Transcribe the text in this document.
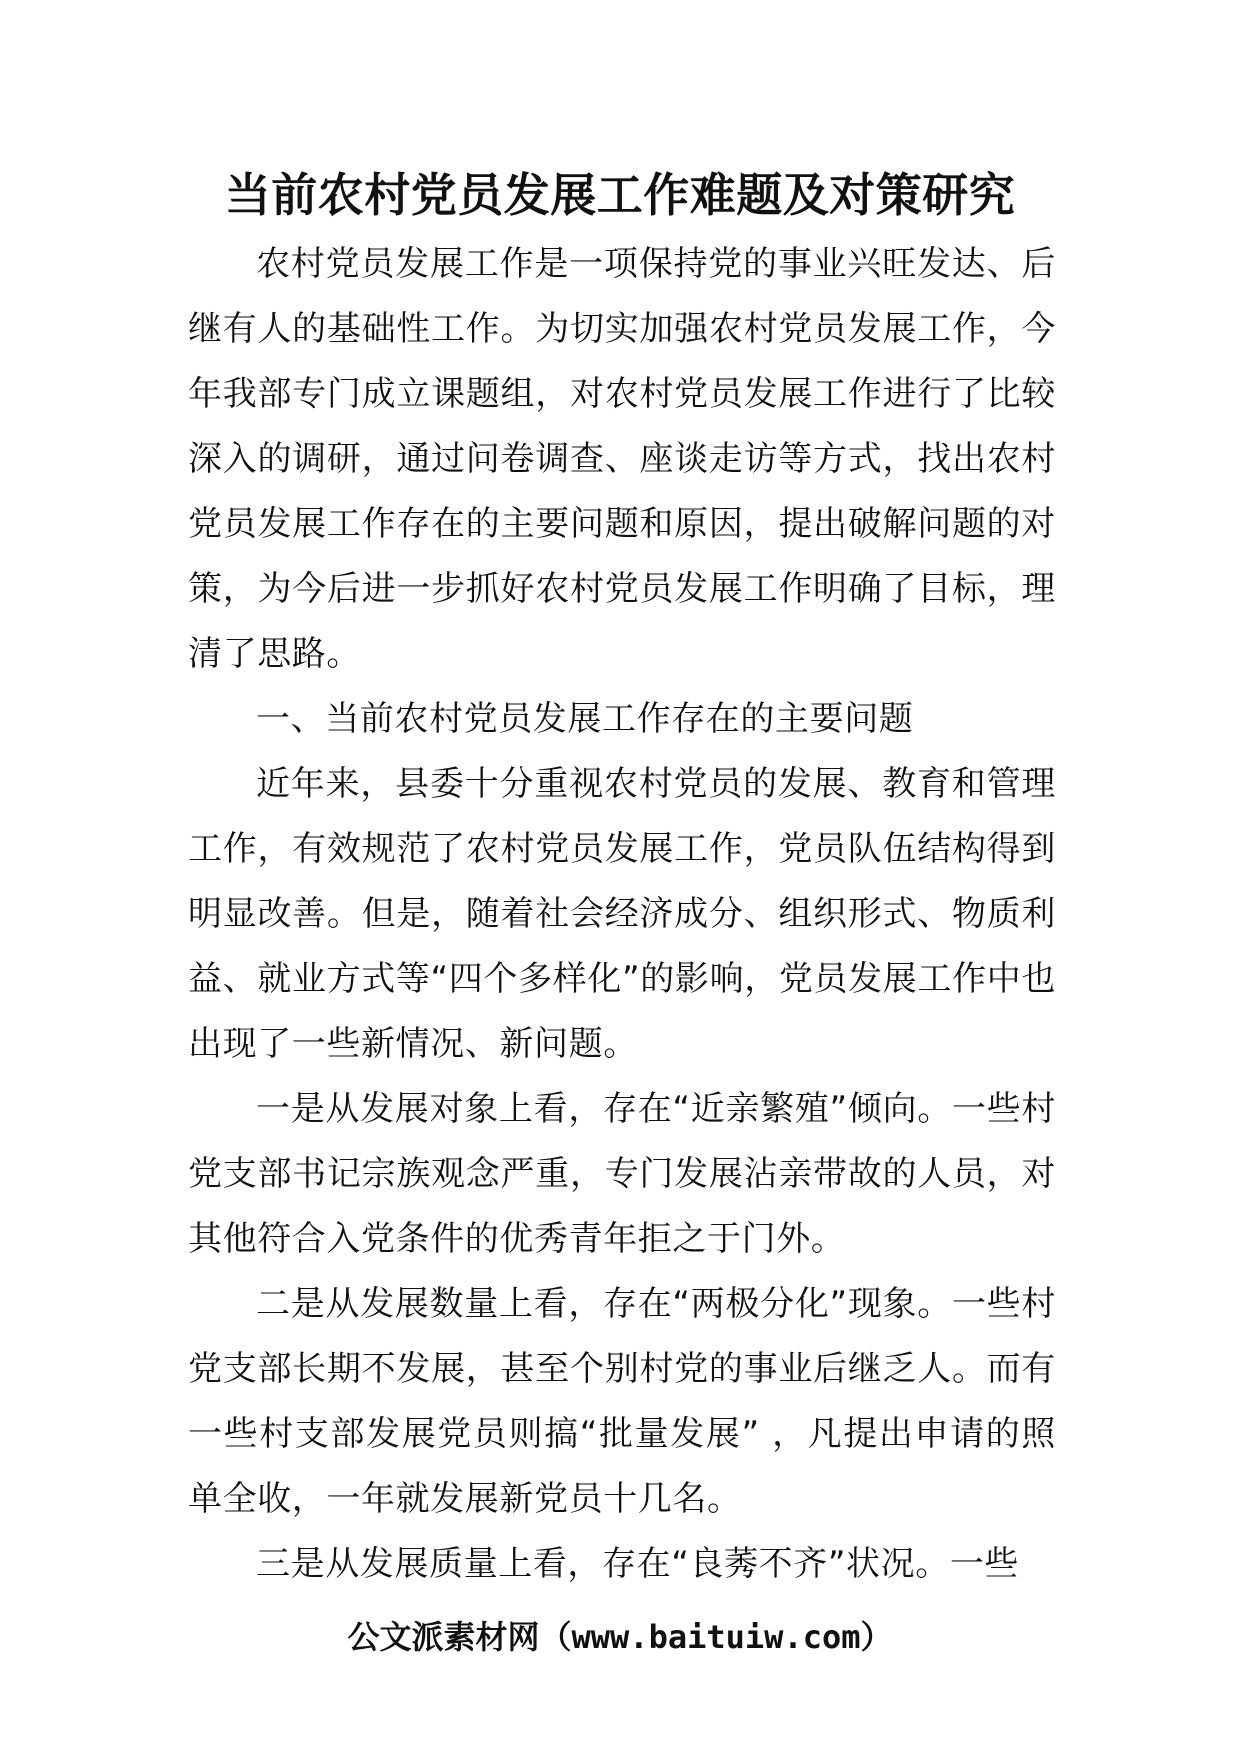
当前农村党员发展工作难题及对策研究

农村党员发展工作是一项保持党的事业兴旺发达、后继有人的基础性工作。为切实加强农村党员发展工作，今年我部专门成立课题组，对农村党员发展工作进行了比较深入的调研，通过问卷调查、座谈走访等方式，找出农村党员发展工作存在的主要问题和原因，提出破解问题的对策，为今后进一步抓好农村党员发展工作明确了目标，理清了思路。

一、当前农村党员发展工作存在的主要问题

近年来，县委十分重视农村党员的发展、教育和管理工作，有效规范了农村党员发展工作，党员队伍结构得到明显改善。但是，随着社会经济成分、组织形式、物质利益、就业方式等“四个多样化”的影响，党员发展工作中也出现了一些新情况、新问题。

一是从发展对象上看，存在“近亲繁殖”倾向。一些村党支部书记宗族观念严重，专门发展沾亲带故的人员，对其他符合入党条件的优秀青年拒之于门外。

二是从发展数量上看，存在“两极分化”现象。一些村党支部长期不发展，甚至个别村党的事业后继乏人。而有一些村支部发展党员则搞“批量发展” ，凡提出申请的照单全收，一年就发展新党员十几名。

三是从发展质量上看，存在“良莠不齐”状况。一些

公文派素材网（www.baituiw.com）
